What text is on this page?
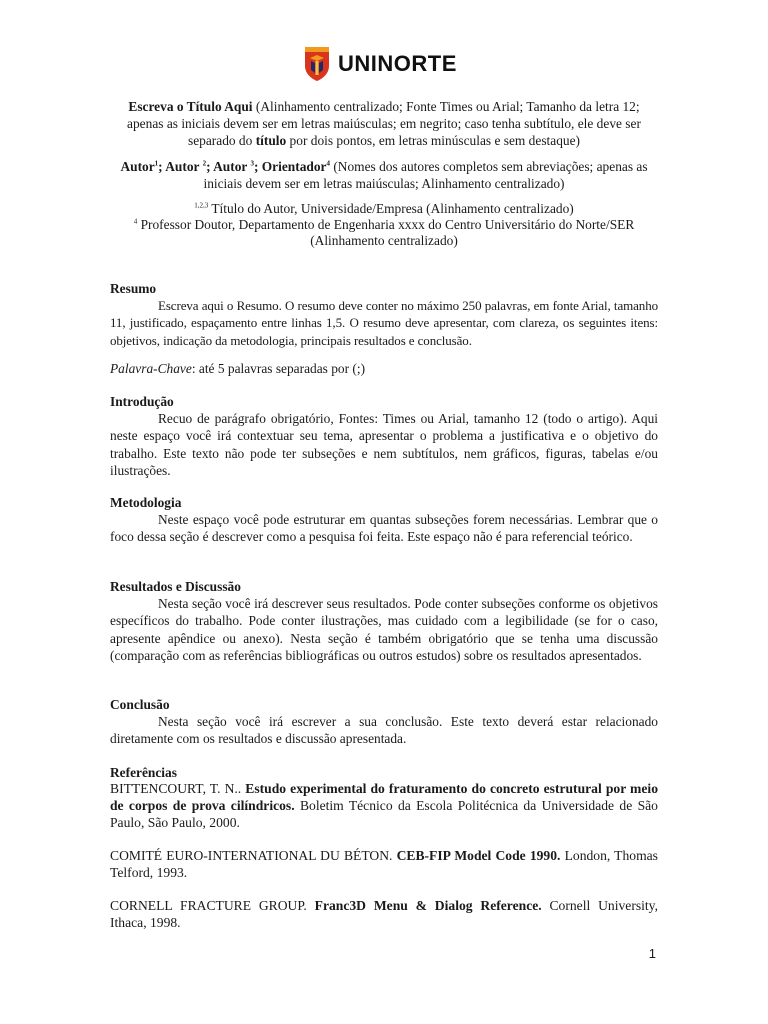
UNINORTE
Escreva o Título Aqui (Alinhamento centralizado; Fonte Times ou Arial; Tamanho da letra 12; apenas as iniciais devem ser em letras maiúsculas; em negrito; caso tenha subtítulo, ele deve ser separado do título por dois pontos, em letras minúsculas e sem destaque)
Autor$^1$; Autor $^2$; Autor $^3$; Orientador$^4$ (Nomes dos autores completos sem abreviações; apenas as iniciais devem ser em letras maiúsculas; Alinhamento centralizado)
$^{1,2,3}$ Título do Autor, Universidade/Empresa (Alinhamento centralizado)
$^4$ Professor Doutor, Departamento de Engenharia xxxx do Centro Universitário do Norte/SER (Alinhamento centralizado)
Resumo

Escreva aqui o Resumo. O resumo deve conter no máximo 250 palavras, em fonte Arial, tamanho 11, justificado, espaçamento entre linhas 1,5. O resumo deve apresentar, com clareza, os seguintes itens: objetivos, indicação da metodologia, principais resultados e conclusão.

Palavra-Chave: até 5 palavras separadas por (;)

Introdução

Recuo de parágrafo obrigatório, Fontes: Times ou Arial, tamanho 12 (todo o artigo). Aqui neste espaço você irá contextuar seu tema, apresentar o problema a justificativa e o objetivo do trabalho. Este texto não pode ter subseções e nem subtítulos, nem gráficos, figuras, tabelas e/ou ilustrações.

Metodologia

Neste espaço você pode estruturar em quantas subseções forem necessárias. Lembrar que o foco dessa seção é descrever como a pesquisa foi feita. Este espaço não é para referencial teórico.

Resultados e Discussão

Nesta seção você irá descrever seus resultados. Pode conter subseções conforme os objetivos específicos do trabalho. Pode conter ilustrações, mas cuidado com a legibilidade (se for o caso, apresente apêndice ou anexo). Nesta seção é também obrigatório que se tenha uma discussão (comparação com as referências bibliográficas ou outros estudos) sobre os resultados apresentados.

Conclusão

Nesta seção você irá escrever a sua conclusão. Este texto deverá estar relacionado diretamente com os resultados e discussão apresentada.

Referências
BITTENCOURT, T. N.. Estudo experimental do fraturamento do concreto estrutural por meio de corpos de prova cilíndricos. Boletim Técnico da Escola Politécnica da Universidade de São Paulo, São Paulo, 2000.
COMITÉ EURO-INTERNATIONAL DU BÉTON. CEB-FIP Model Code 1990. London, Thomas Telford, 1993.
CORNELL FRACTURE GROUP. Franc3D Menu & Dialog Reference. Cornell University, Ithaca, 1998.
1
